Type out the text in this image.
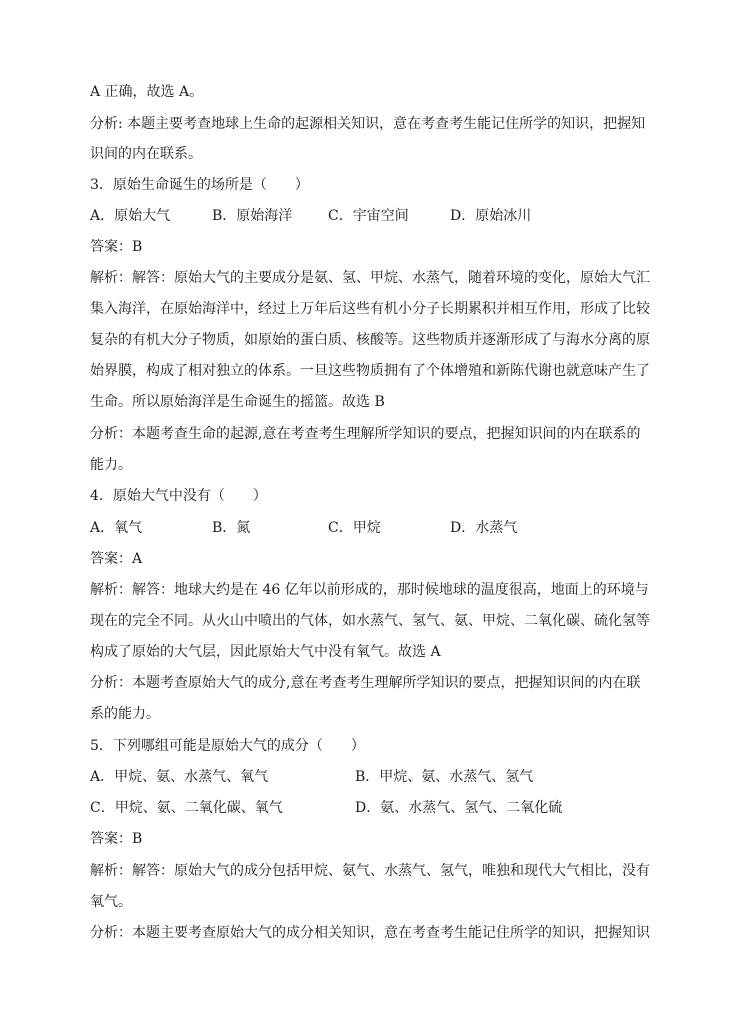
A 正确，故选 A。
分析: 本题主要考查地球上生命的起源相关知识，意在考查考生能记住所学的知识，把握知
识间的内在联系。
3．原始生命诞生的场所是（　　）
A．原始大气	B．原始海洋	C．宇宙空间	D．原始冰川
答案：B
解析：解答：原始大气的主要成分是氨、氢、甲烷、水蒸气，随着环境的变化，原始大气汇
集入海洋，在原始海洋中，经过上万年后这些有机小分子长期累积并相互作用，形成了比较
复杂的有机大分子物质，如原始的蛋白质、核酸等。这些物质并逐渐形成了与海水分离的原
始界膜，构成了相对独立的体系。一旦这些物质拥有了个体增殖和新陈代谢也就意味产生了
生命。所以原始海洋是生命诞生的摇篮。故选 B
分析：本题考查生命的起源,意在考查考生理解所学知识的要点，把握知识间的内在联系的
能力。
4．原始大气中没有（　　）
A．氧气	B．氮	C．甲烷	D．水蒸气
答案：A
解析：解答：地球大约是在 46 亿年以前形成的，那时候地球的温度很高，地面上的环境与
现在的完全不同。从火山中喷出的气体，如水蒸气、氢气、氨、甲烷、二氧化碳、硫化氢等
构成了原始的大气层，因此原始大气中没有氧气。故选 A
分析：本题考查原始大气的成分,意在考查考生理解所学知识的要点，把握知识间的内在联
系的能力。
5．下列哪组可能是原始大气的成分（　　）
A．甲烷、氨、水蒸气、氧气	B．甲烷、氨、水蒸气、氢气
C．甲烷、氨、二氧化碳、氧气	D．氨、水蒸气、氢气、二氧化硫
答案：B
解析：解答：原始大气的成分包括甲烷、氨气、水蒸气、氢气，唯独和现代大气相比，没有
氧气。
分析：本题主要考查原始大气的成分相关知识，意在考查考生能记住所学的知识，把握知识
